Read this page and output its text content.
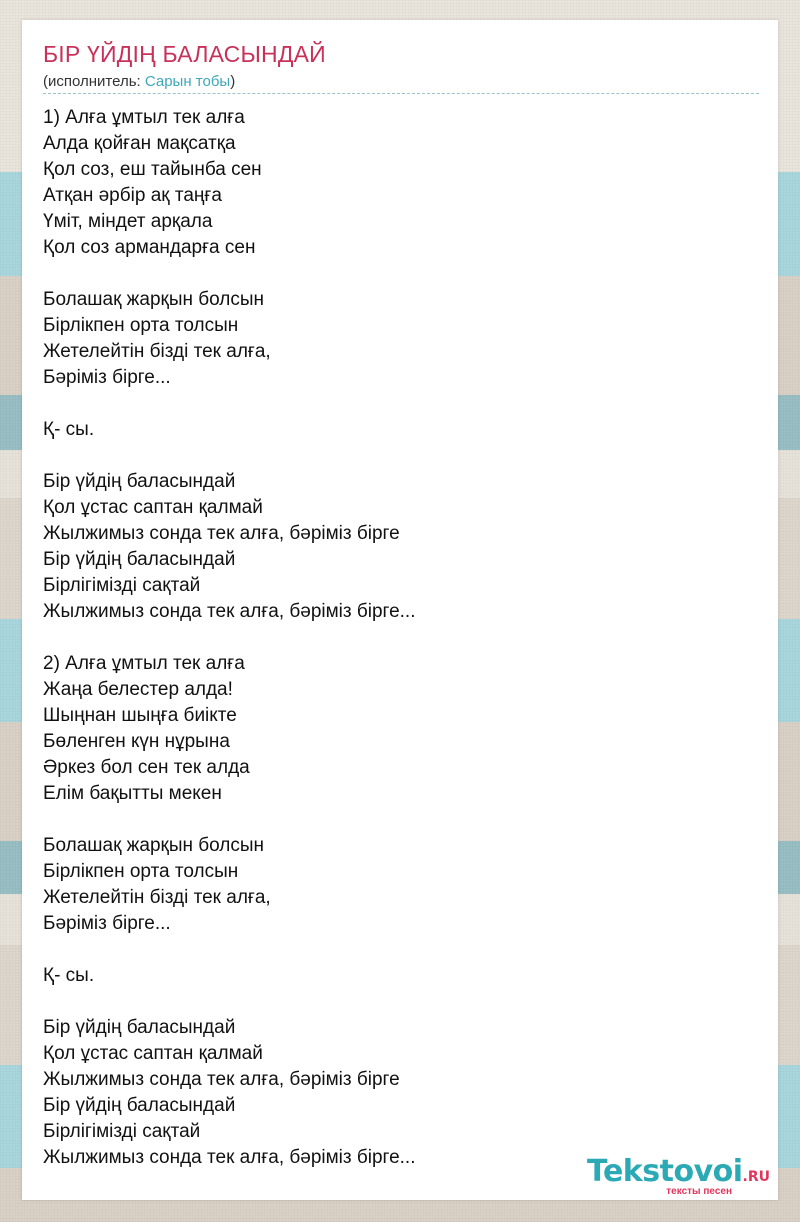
БІР ҮЙДІҢ БАЛАСЫНДАЙ
(исполнитель: Сарын тобы)
1) Алға ұмтыл тек алға
Алда қойған мақсатқа
Қол соз, еш тайынба сен
Атқан әрбір ақ таңға
Үміт, міндет арқала
Қол соз армандарға сен
Болашақ жарқын болсын
Бірлікпен орта толсын
Жетелейтін бізді тек алға,
Бәріміз бірге...
Қ- сы.
Бір үйдің баласындай
Қол ұстас саптан қалмай
Жылжимыз сонда тек алға, бәріміз бірге
Бір үйдің баласындай
Бірлігімізді сақтай
Жылжимыз сонда тек алға, бәріміз бірге...
2) Алға ұмтыл тек алға
Жаңа белестер алда!
Шыңнан шыңға биікте
Бөленген күн нұрына
Әркез бол сен тек алда
Елім бақытты мекен
Болашақ жарқын болсын
Бірлікпен орта толсын
Жетелейтін бізді тек алға,
Бәріміз бірге...
Қ- сы.
Бір үйдің баласындай
Қол ұстас саптан қалмай
Жылжимыз сонда тек алға, бәріміз бірге
Бір үйдің баласындай
Бірлігімізді сақтай
Жылжимыз сонда тек алға, бәріміз бірге...	Tekstovoi.RU
тексты песен
